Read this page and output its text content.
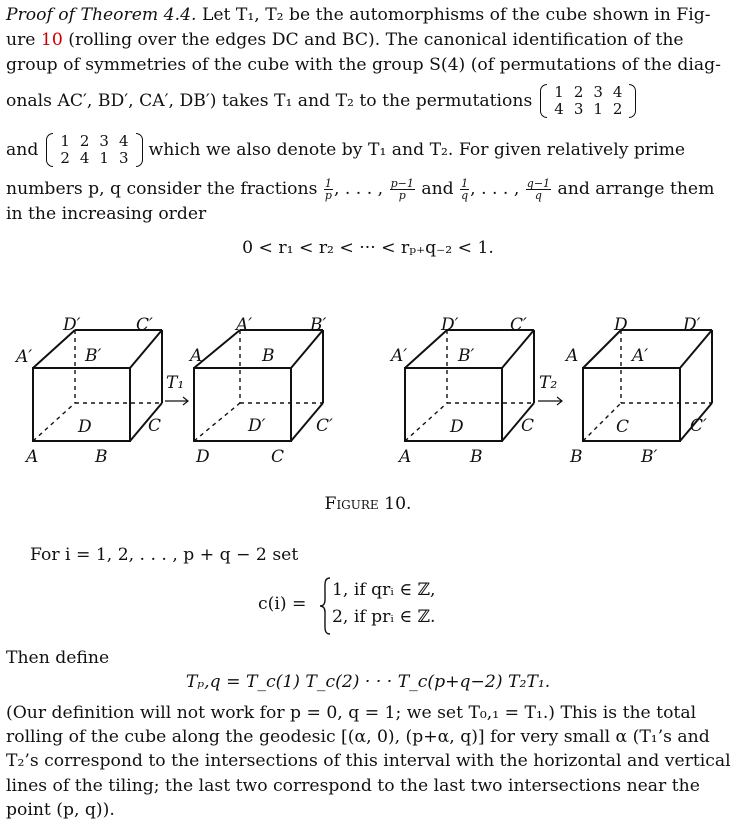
Proof of Theorem 4.4. Let T₁, T₂ be the automorphisms of the cube shown in Fig-
ure 10 (rolling over the edges DC and BC). The canonical identification of the
group of symmetries of the cube with the group S(4) (of permutations of the diag-
onals AC′, BD′, CA′, DB′) takes T₁ and T₂ to the permutations 1	2	3	4
4	3	1	2
and 1	2	3	4
2	4	1	3 which we also denote by T₁ and T₂. For given relatively prime
numbers p, q consider the fractions
$\frac{1}{p}$ , . . . ,
$\frac{p-1}{p}$ and $\frac{1}{q}$ , . . . ,
$\frac{q-1}{q}$ and arrange them
in the increasing order
0 < r₁ < r₂ < ··· < rₚ₊q₋₂ < 1.
T₁	T₂
D′	C′
A′	B′
D	C
A	B
A′	B′
A	B
D′	C′
D	C
D′	C′
A′	B′
D	C
A	B
D	D′
A	A′
C	C′
B	B′
Figure 10.
For i = 1, 2, . . . , p + q − 2 set
c(i) =
1, if qrᵢ ∈ ℤ,
2, if prᵢ ∈ ℤ.
Then define
Tₚ,q = T_c(1) T_c(2) · · · T_c(p+q−2) T₂T₁.
(Our definition will not work for p = 0, q = 1; we set T₀,₁ = T₁.) This is the total
rolling of the cube along the geodesic [(α, 0), (p+α, q)] for very small α (T₁’s and
T₂’s correspond to the intersections of this interval with the horizontal and vertical
lines of the tiling; the last two correspond to the last two intersections near the
point (p, q)).
